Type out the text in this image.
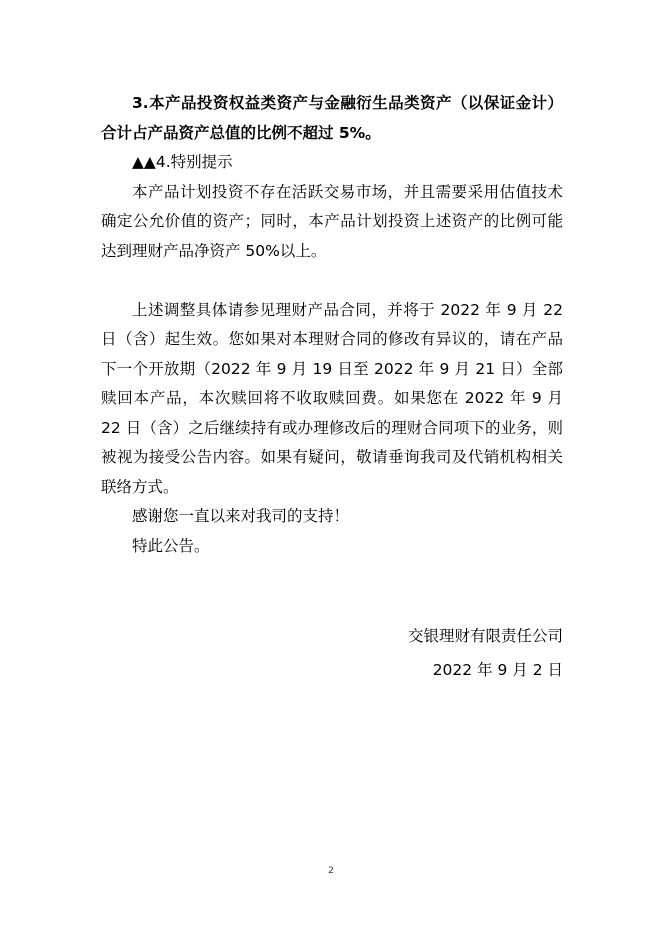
3.本产品投资权益类资产与金融衍生品类资产（以保证金计）合计占产品资产总值的比例不超过 5%。

▲▲4.特别提示

本产品计划投资不存在活跃交易市场，并且需要采用估值技术确定公允价值的资产；同时，本产品计划投资上述资产的比例可能达到理财产品净资产 50%以上。

上述调整具体请参见理财产品合同，并将于 2022 年 9 月 22 日（含）起生效。您如果对本理财合同的修改有异议的，请在产品下一个开放期（2022 年 9 月 19 日至 2022 年 9 月 21 日）全部赎回本产品，本次赎回将不收取赎回费。如果您在 2022 年 9 月 22 日（含）之后继续持有或办理修改后的理财合同项下的业务，则被视为接受公告内容。如果有疑问，敬请垂询我司及代销机构相关联络方式。

感谢您一直以来对我司的支持！

特此公告。

交银理财有限责任公司
2022 年 9 月 2 日
2
